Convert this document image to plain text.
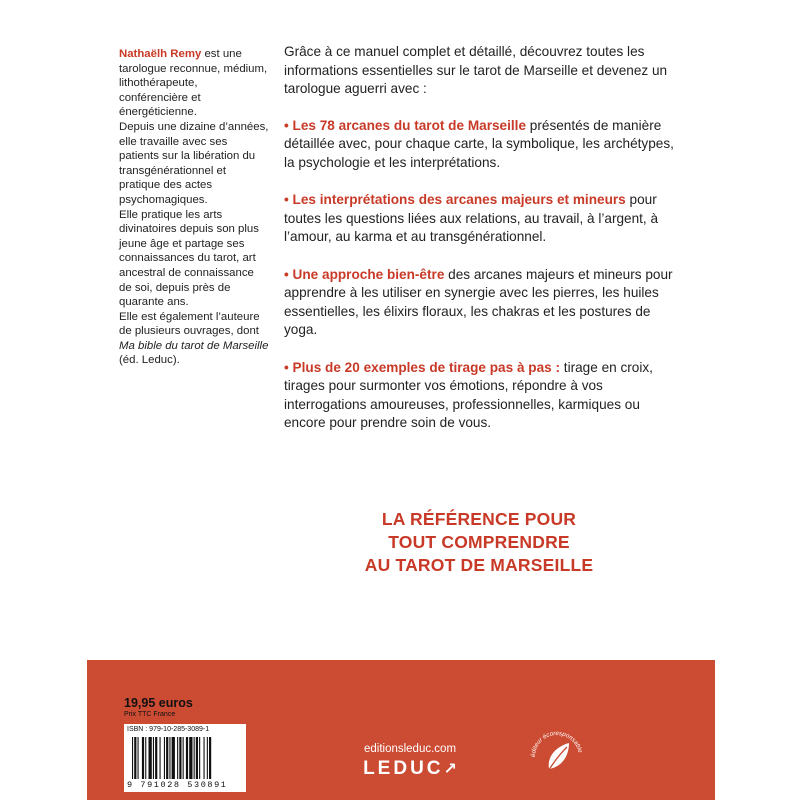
Nathaëlh Remy est une tarologue reconnue, médium, lithothérapeute, conférencière et énergéticienne.

Depuis une dizaine d’années, elle travaille avec ses patients sur la libération du transgénérationnel et pratique des actes psychomagiques.

Elle pratique les arts divinatoires depuis son plus jeune âge et partage ses connaissances du tarot, art ancestral de connaissance de soi, depuis près de quarante ans.

Elle est également l’auteure de plusieurs ouvrages, dont Ma bible du tarot de Marseille (éd. Leduc).

Grâce à ce manuel complet et détaillé, découvrez toutes les informations essentielles sur le tarot de Marseille et devenez un tarologue aguerri avec :

• Les 78 arcanes du tarot de Marseille présentés de manière détaillée avec, pour chaque carte, la symbolique, les archétypes, la psychologie et les interprétations.

• Les interprétations des arcanes majeurs et mineurs pour toutes les questions liées aux relations, au travail, à l’argent, à l’amour, au karma et au transgénérationnel.

• Une approche bien-être des arcanes majeurs et mineurs pour apprendre à les utiliser en synergie avec les pierres, les huiles essentielles, les élixirs floraux, les chakras et les postures de yoga.

• Plus de 20 exemples de tirage pas à pas : tirage en croix, tirages pour surmonter vos émotions, répondre à vos interrogations amoureuses, professionnelles, karmiques ou encore pour prendre soin de vous.

LA RÉFÉRENCE POUR
TOUT COMPRENDRE
AU TAROT DE MARSEILLE
19,95 euros
Prix TTC France
ISBN : 979-10-285-3089-1
9 791028 530891
editionsleduc.com
LEDUC↗
éditeur écoresponsable
